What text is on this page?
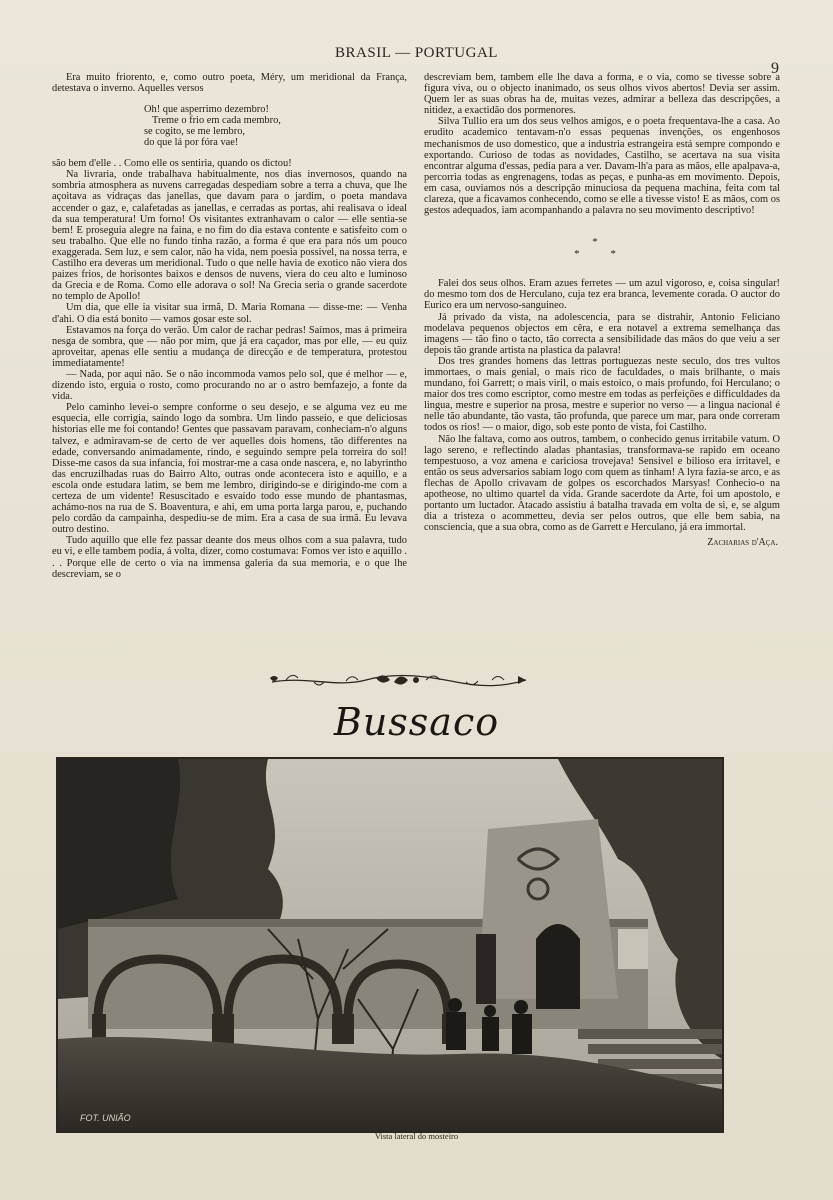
BRASIL — PORTUGAL
9

Era muito friorento, e, como outro poeta, Méry, um meridional da França, detestava o inverno. Aquelles versos

Oh! que asperrimo dezembro!
Treme o frio em cada membro,
se cogito, se me lembro,
do que lá por fóra vae!

são bem d'elle . . Como elle os sentiria, quando os dictou!

Na livraria, onde trabalhava habitualmente, nos dias invernosos, quando na sombria atmosphera as nuvens carregadas despediam sobre a terra a chuva, que lhe açoitava as vidraças das janellas, que davam para o jardim, o poeta mandava accender o gaz, e, calafetadas as janellas, e cerradas as portas, ahi realisava o ideal da sua temperatura! Um forno! Os visitantes extranhavam o calor — elle sentia-se bem! E proseguia alegre na faina, e no fim do dia estava contente e satisfeito com o seu trabalho. Que elle no fundo tinha razão, a forma é que era para nós um pouco exaggerada. Sem luz, e sem calor, não ha vida, nem poesia possivel, na nossa terra, e Castilho era deveras um meridional. Tudo o que nelle havia de exotico não viera dos paizes frios, de horisontes baixos e densos de nuvens, viera do ceu alto e luminoso da Grecia e de Roma. Como elle adorava o sol! Na Grecia seria o grande sacerdote no templo de Apollo!

Um dia, que elle ia visitar sua irmã, D. Maria Romana — disse-me: — Venha d'ahi. O dia está bonito — vamos gosar este sol.

Estavamos na força do verão. Um calor de rachar pedras! Saímos, mas á primeira nesga de sombra, que — não por mim, que já era caçador, mas por elle, — eu quiz aproveitar, apenas elle sentiu a mudança de direcção e de temperatura, protestou immediatamente!

— Nada, por aqui não. Se o não incommoda vamos pelo sol, que é melhor — e, dizendo isto, erguia o rosto, como procurando no ar o astro bemfazejo, a fonte da vida.

Pelo caminho levei-o sempre conforme o seu desejo, e se alguma vez eu me esquecia, elle corrigia, saindo logo da sombra. Um lindo passeio, e que deliciosas historias elle me foi contando! Gentes que passavam paravam, conheciam-n'o alguns talvez, e admiravam-se de certo de ver aquelles dois homens, tão differentes na edade, conversando animadamente, rindo, e seguindo sempre pela torreira do sol! Disse-me casos da sua infancia, foi mostrar-me a casa onde nascera, e, no labyrintho das encruzilhadas ruas do Bairro Alto, outras onde acontecera isto e aquillo, e a escola onde estudara latim, se bem me lembro, dirigindo-se e dirigindo-me com a certeza de um vidente! Resuscitado e esvaído todo esse mundo de phantasmas, achámo-nos na rua de S. Boaventura, e ahi, em uma porta larga parou, e, puchando pelo cordão da campainha, despediu-se de mim. Era a casa de sua irmã. Eu levava outro destino.

Tudo aquillo que elle fez passar deante dos meus olhos com a sua palavra, tudo eu vi, e elle tambem podia, á volta, dizer, como costumava: Fomos ver isto e aquillo . . . Porque elle de certo o via na immensa galeria da sua memoria, e o que lhe descreviam, se o

descreviam bem, tambem elle lhe dava a forma, e o via, como se tivesse sobre a figura viva, ou o objecto inanimado, os seus olhos vivos abertos! Devia ser assim. Quem ler as suas obras ha de, muitas vezes, admirar a belleza das descripções, a nitidez, a exactidão dos pormenores.

Silva Tullio era um dos seus velhos amigos, e o poeta frequentava-lhe a casa. Ao erudito academico tentavam-n'o essas pequenas invenções, os engenhosos mechanismos de uso domestico, que a industria estrangeira está sempre compondo e exportando. Curioso de todas as novidades, Castilho, se acertava na sua visita encontrar alguma d'essas, pedia para a ver. Davam-lh'a para as mãos, elle apalpava-a, percorria todas as engrenagens, todas as peças, e punha-as em movimento. Depois, em casa, ouviamos nós a descripção minuciosa da pequena machina, feita com tal clareza, que a ficavamos conhecendo, como se elle a tivesse visto! E as mãos, com os gestos adequados, iam acompanhando a palavra no seu movimento descriptivo!

*
* *

Falei dos seus olhos. Eram azues ferretes — um azul vigoroso, e, coisa singular! do mesmo tom dos de Herculano, cuja tez era branca, levemente corada. O auctor do Eurico era um nervoso-sanguineo.

Já privado da vista, na adolescencia, para se distrahir, Antonio Feliciano modelava pequenos objectos em cêra, e era notavel a extrema semelhança das imagens — tão fino o tacto, tão correcta a sensibilidade das mãos do que veiu a ser depois tão grande artista na plastica da palavra!

Dos tres grandes homens das lettras portuguezas neste seculo, dos tres vultos immortaes, o mais genial, o mais rico de faculdades, o mais brilhante, o mais mundano, foi Garrett; o mais viril, o mais estoico, o mais profundo, foi Herculano; o maior dos tres como escriptor, como mestre em todas as perfeições e difficuldades da lingua, mestre e superior na prosa, mestre e superior no verso — a lingua nacional é nelle tão abundante, tão vasta, tão profunda, que parece um mar, para onde correram todos os rios! — o maior, digo, sob este ponto de vista, foi Castilho.

Não lhe faltava, como aos outros, tambem, o conhecido genus irritabile vatum. O lago sereno, e reflectindo aladas phantasias, transformava-se rapido em oceano tempestuoso, a voz amena e cariciosa trovejava! Sensivel e bilioso era irritavel, e então os seus adversarios sabiam logo com quem as tinham! A lyra fazia-se arco, e as flechas de Apollo crivavam de golpes os escorchados Marsyas! Conhecio-o na apotheose, no ultimo quartel da vida. Grande sacerdote da Arte, foi um apostolo, e portanto um luctador. Atacado assistiu á batalha travada em volta de si, e, se algum dia a tristeza o acommetteu, devia ser pelos outros, que elle bem sabia, na consciencia, que a sua obra, como as de Garrett e Herculano, já era immortal.

Zacharias d'Aça.
Bussaco
FOT. UNIÃO
Vista lateral do mosteiro
